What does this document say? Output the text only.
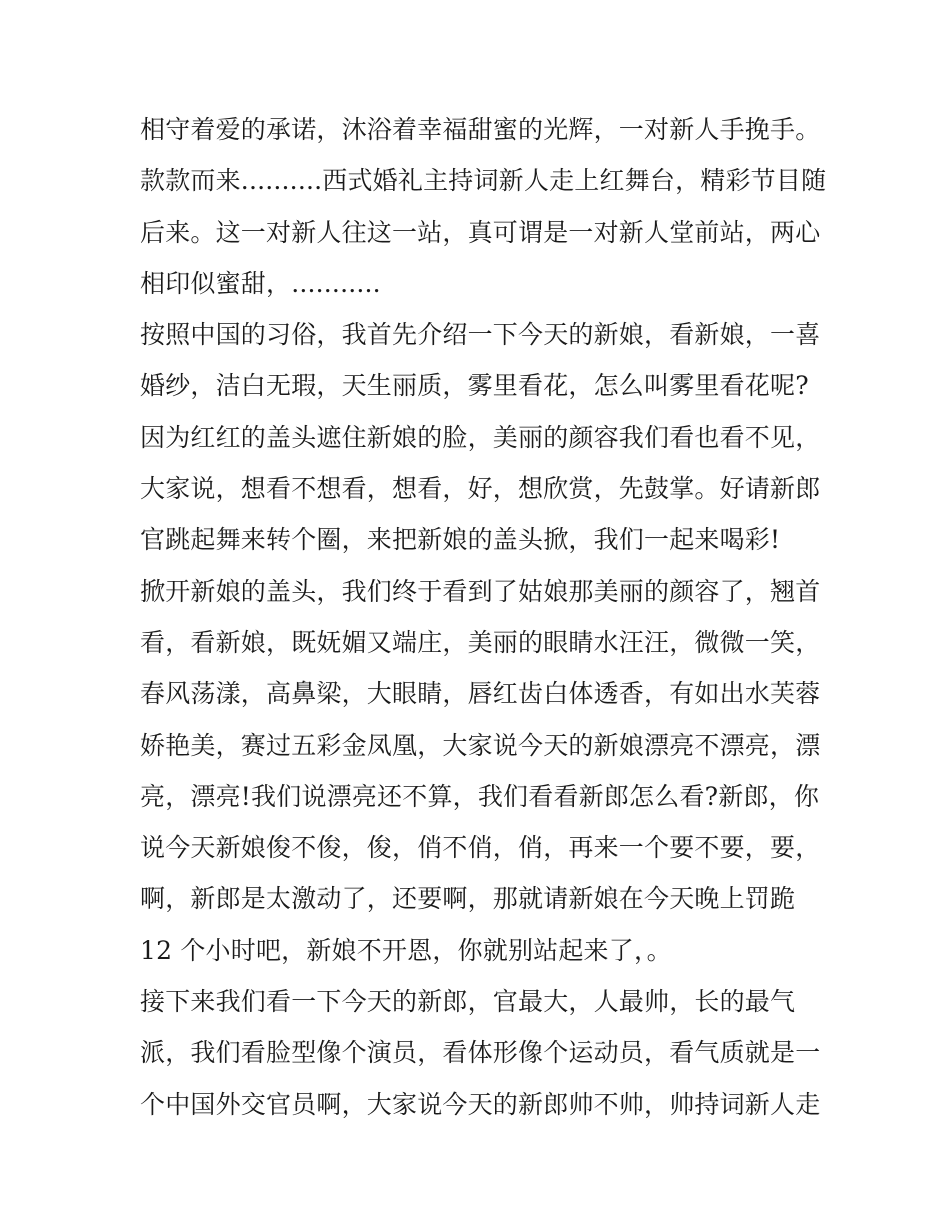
相守着爱的承诺，沐浴着幸福甜蜜的光辉，一对新人手挽手。
款款而来..........西式婚礼主持词新人走上红舞台，精彩节目随
后来。这一对新人往这一站，真可谓是一对新人堂前站，两心
相印似蜜甜，...........
按照中国的习俗，我首先介绍一下今天的新娘，看新娘，一喜
婚纱，洁白无瑕，天生丽质，雾里看花，怎么叫雾里看花呢?
因为红红的盖头遮住新娘的脸，美丽的颜容我们看也看不见，
大家说，想看不想看，想看，好，想欣赏，先鼓掌。好请新郎
官跳起舞来转个圈，来把新娘的盖头掀，我们一起来喝彩!
掀开新娘的盖头，我们终于看到了姑娘那美丽的颜容了，翘首
看，看新娘，既妩媚又端庄，美丽的眼睛水汪汪，微微一笑，
春风荡漾，高鼻梁，大眼睛，唇红齿白体透香，有如出水芙蓉
娇艳美，赛过五彩金凤凰，大家说今天的新娘漂亮不漂亮，漂
亮，漂亮!我们说漂亮还不算，我们看看新郎怎么看?新郎，你
说今天新娘俊不俊，俊，俏不俏，俏，再来一个要不要，要，
啊，新郎是太激动了，还要啊，那就请新娘在今天晚上罚跪
12 个小时吧，新娘不开恩，你就别站起来了，。
接下来我们看一下今天的新郎，官最大，人最帅，长的最气
派，我们看脸型像个演员，看体形像个运动员，看气质就是一
个中国外交官员啊，大家说今天的新郎帅不帅，帅持词新人走
